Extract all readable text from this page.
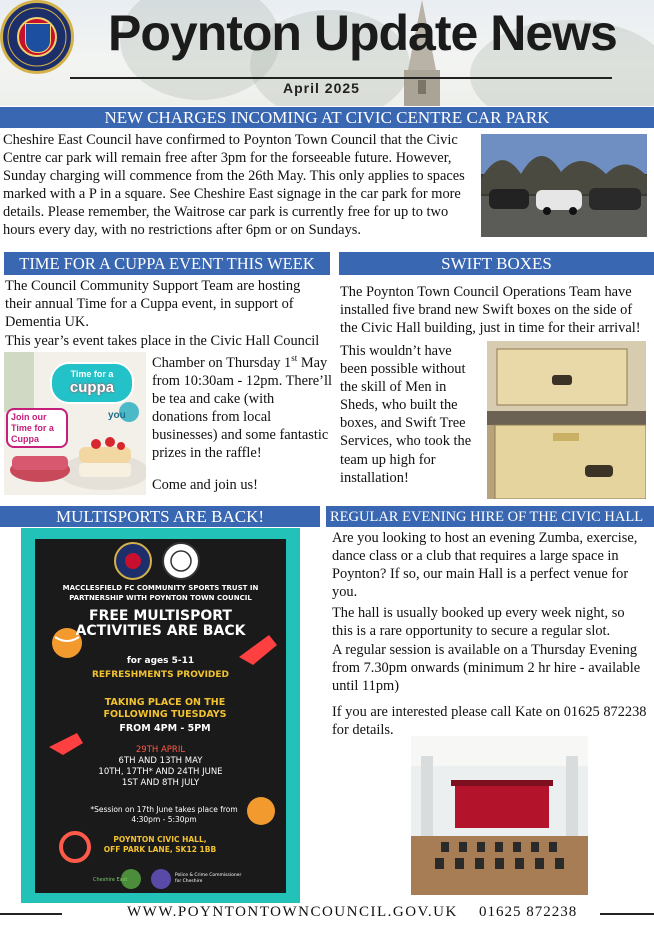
Poynton Update News
April 2025
NEW CHARGES INCOMING AT CIVIC CENTRE CAR PARK
Cheshire East Council have confirmed to Poynton Town Council that the Civic Centre car park will remain free after 3pm for the forseeable future. However, Sunday charging will commence from the 26th May. This only applies to spaces marked with a P in a square. See Cheshire East signage in the car park for more details. Please remember, the Waitrose car park is currently free for up to two hours every day, with no restrictions after 6pm or on Sundays.
TIME FOR A CUPPA EVENT THIS WEEK
The Council Community Support Team are hosting their annual Time for a Cuppa event, in support of Dementia UK.
This year’s event takes place in the Civic Hall Council
Time for a
cuppa
you
Join our Time for a Cuppa
Chamber on Thursday 1st May from 10:30am - 12pm. There’ll be tea and cake (with donations from local businesses) and some fantastic prizes in the raffle!
Come and join us!
SWIFT BOXES
The Poynton Town Council Operations Team have installed five brand new Swift boxes on the side of the Civic Hall building, just in time for their arrival!
This wouldn’t have been possible without the skill of Men in Sheds, who built the boxes, and Swift Tree Services, who took the team up high for installation!
MULTISPORTS ARE BACK!
MACCLESFIELD FC COMMUNITY SPORTS TRUST IN PARTNERSHIP WITH POYNTON TOWN COUNCIL
FREE MULTISPORT ACTIVITIES ARE BACK
for ages 5-11
REFRESHMENTS PROVIDED
TAKING PLACE ON THE FOLLOWING TUESDAYS
FROM 4PM - 5PM
29TH APRIL
6TH AND 13TH MAY
10TH, 17TH* AND 24TH JUNE
1ST AND 8TH JULY
*Session on 17th June takes place from 4:30pm - 5:30pm
POYNTON CIVIC HALL,
OFF PARK LANE, SK12 1BB
Cheshire East
Police & Crime Commissioner for Cheshire
REGULAR EVENING HIRE OF THE CIVIC HALL
Are you looking to host an evening Zumba, exercise, dance class or a club that requires a large space in Poynton? If so, our main Hall is a perfect venue for you.
The hall is usually booked up every week night, so this is a rare opportunity to secure a regular slot.
A regular session is available on a Thursday Evening from 7.30pm onwards (minimum 2 hr hire - available until 11pm)
If you are interested please call Kate on 01625 872238 for details.
WWW.POYNTONTOWNCOUNCIL.GOV.UK 01625 872238
